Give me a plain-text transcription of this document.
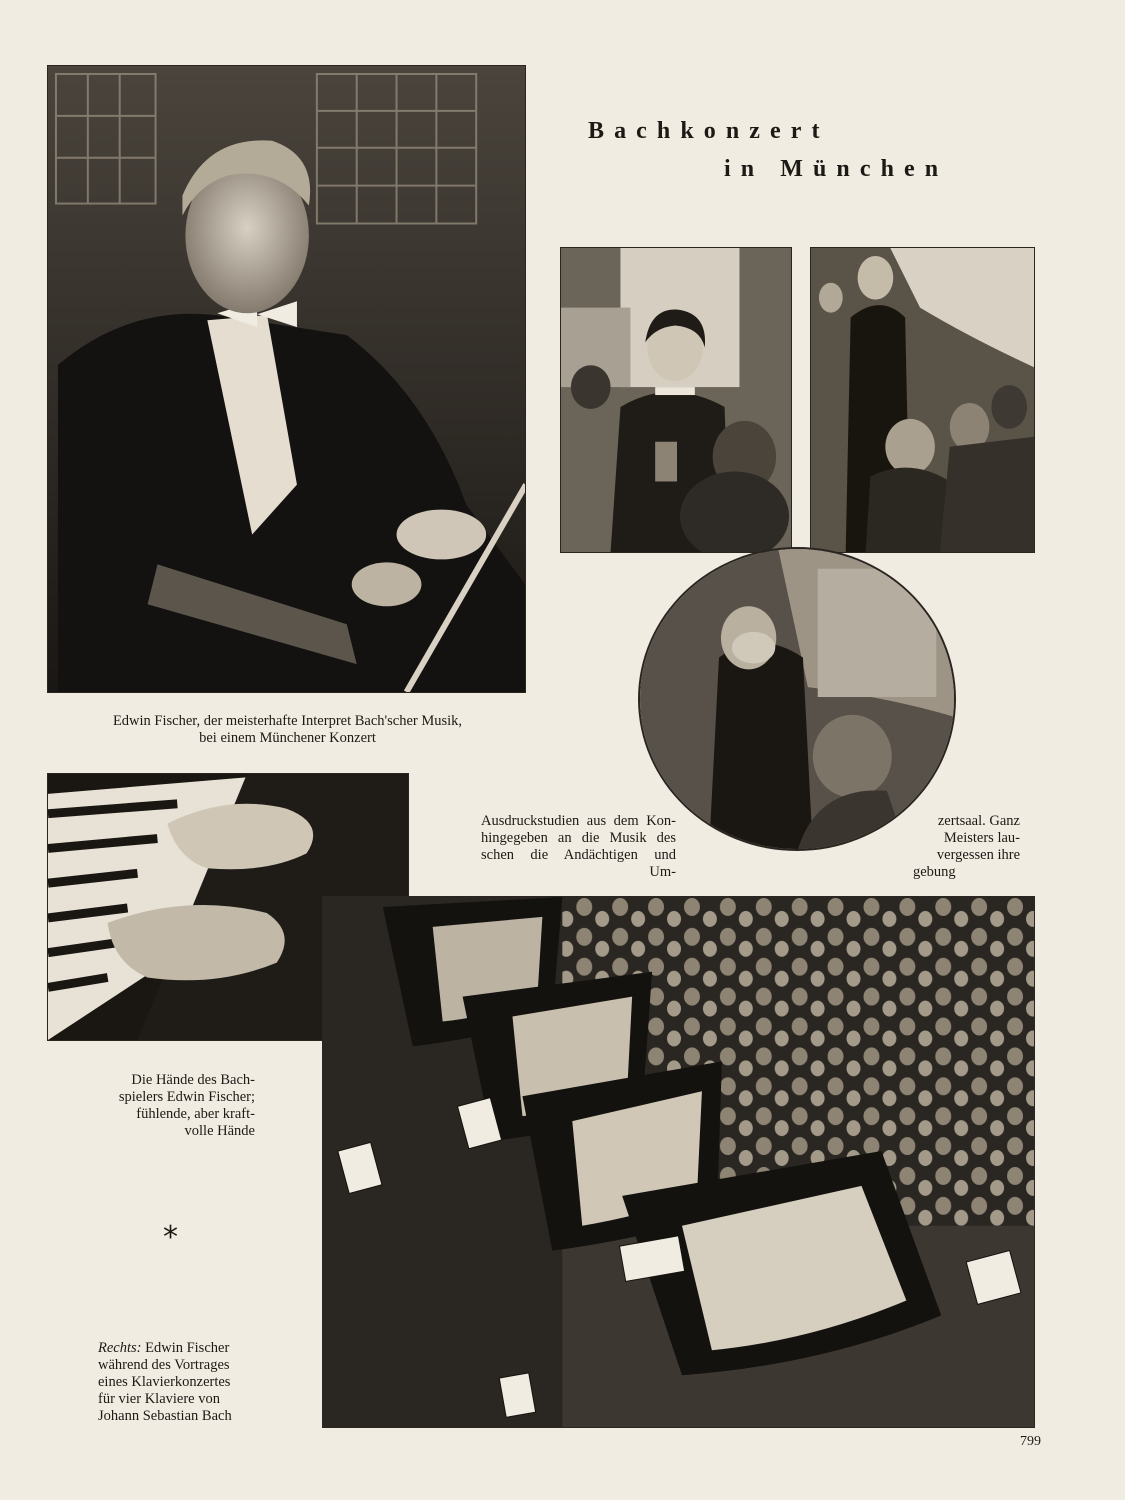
Bachkonzert
in München
Edwin Fischer, der meisterhafte Interpret Bach'scher Musik,
bei einem Münchener Konzert
Ausdruckstudien aus dem Kon-
hingegeben an die Musik des
schen die Andächtigen und
Um-
zertsaal. Ganz
Meisters lau-
vergessen ihre
gebung
Die Hände des Bach-
spielers Edwin Fischer;
fühlende, aber kraft-
volle Hände
*
Rechts: Edwin Fischer
während des Vortrages
eines Klavierkonzertes
für vier Klaviere von
Johann Sebastian Bach
799
